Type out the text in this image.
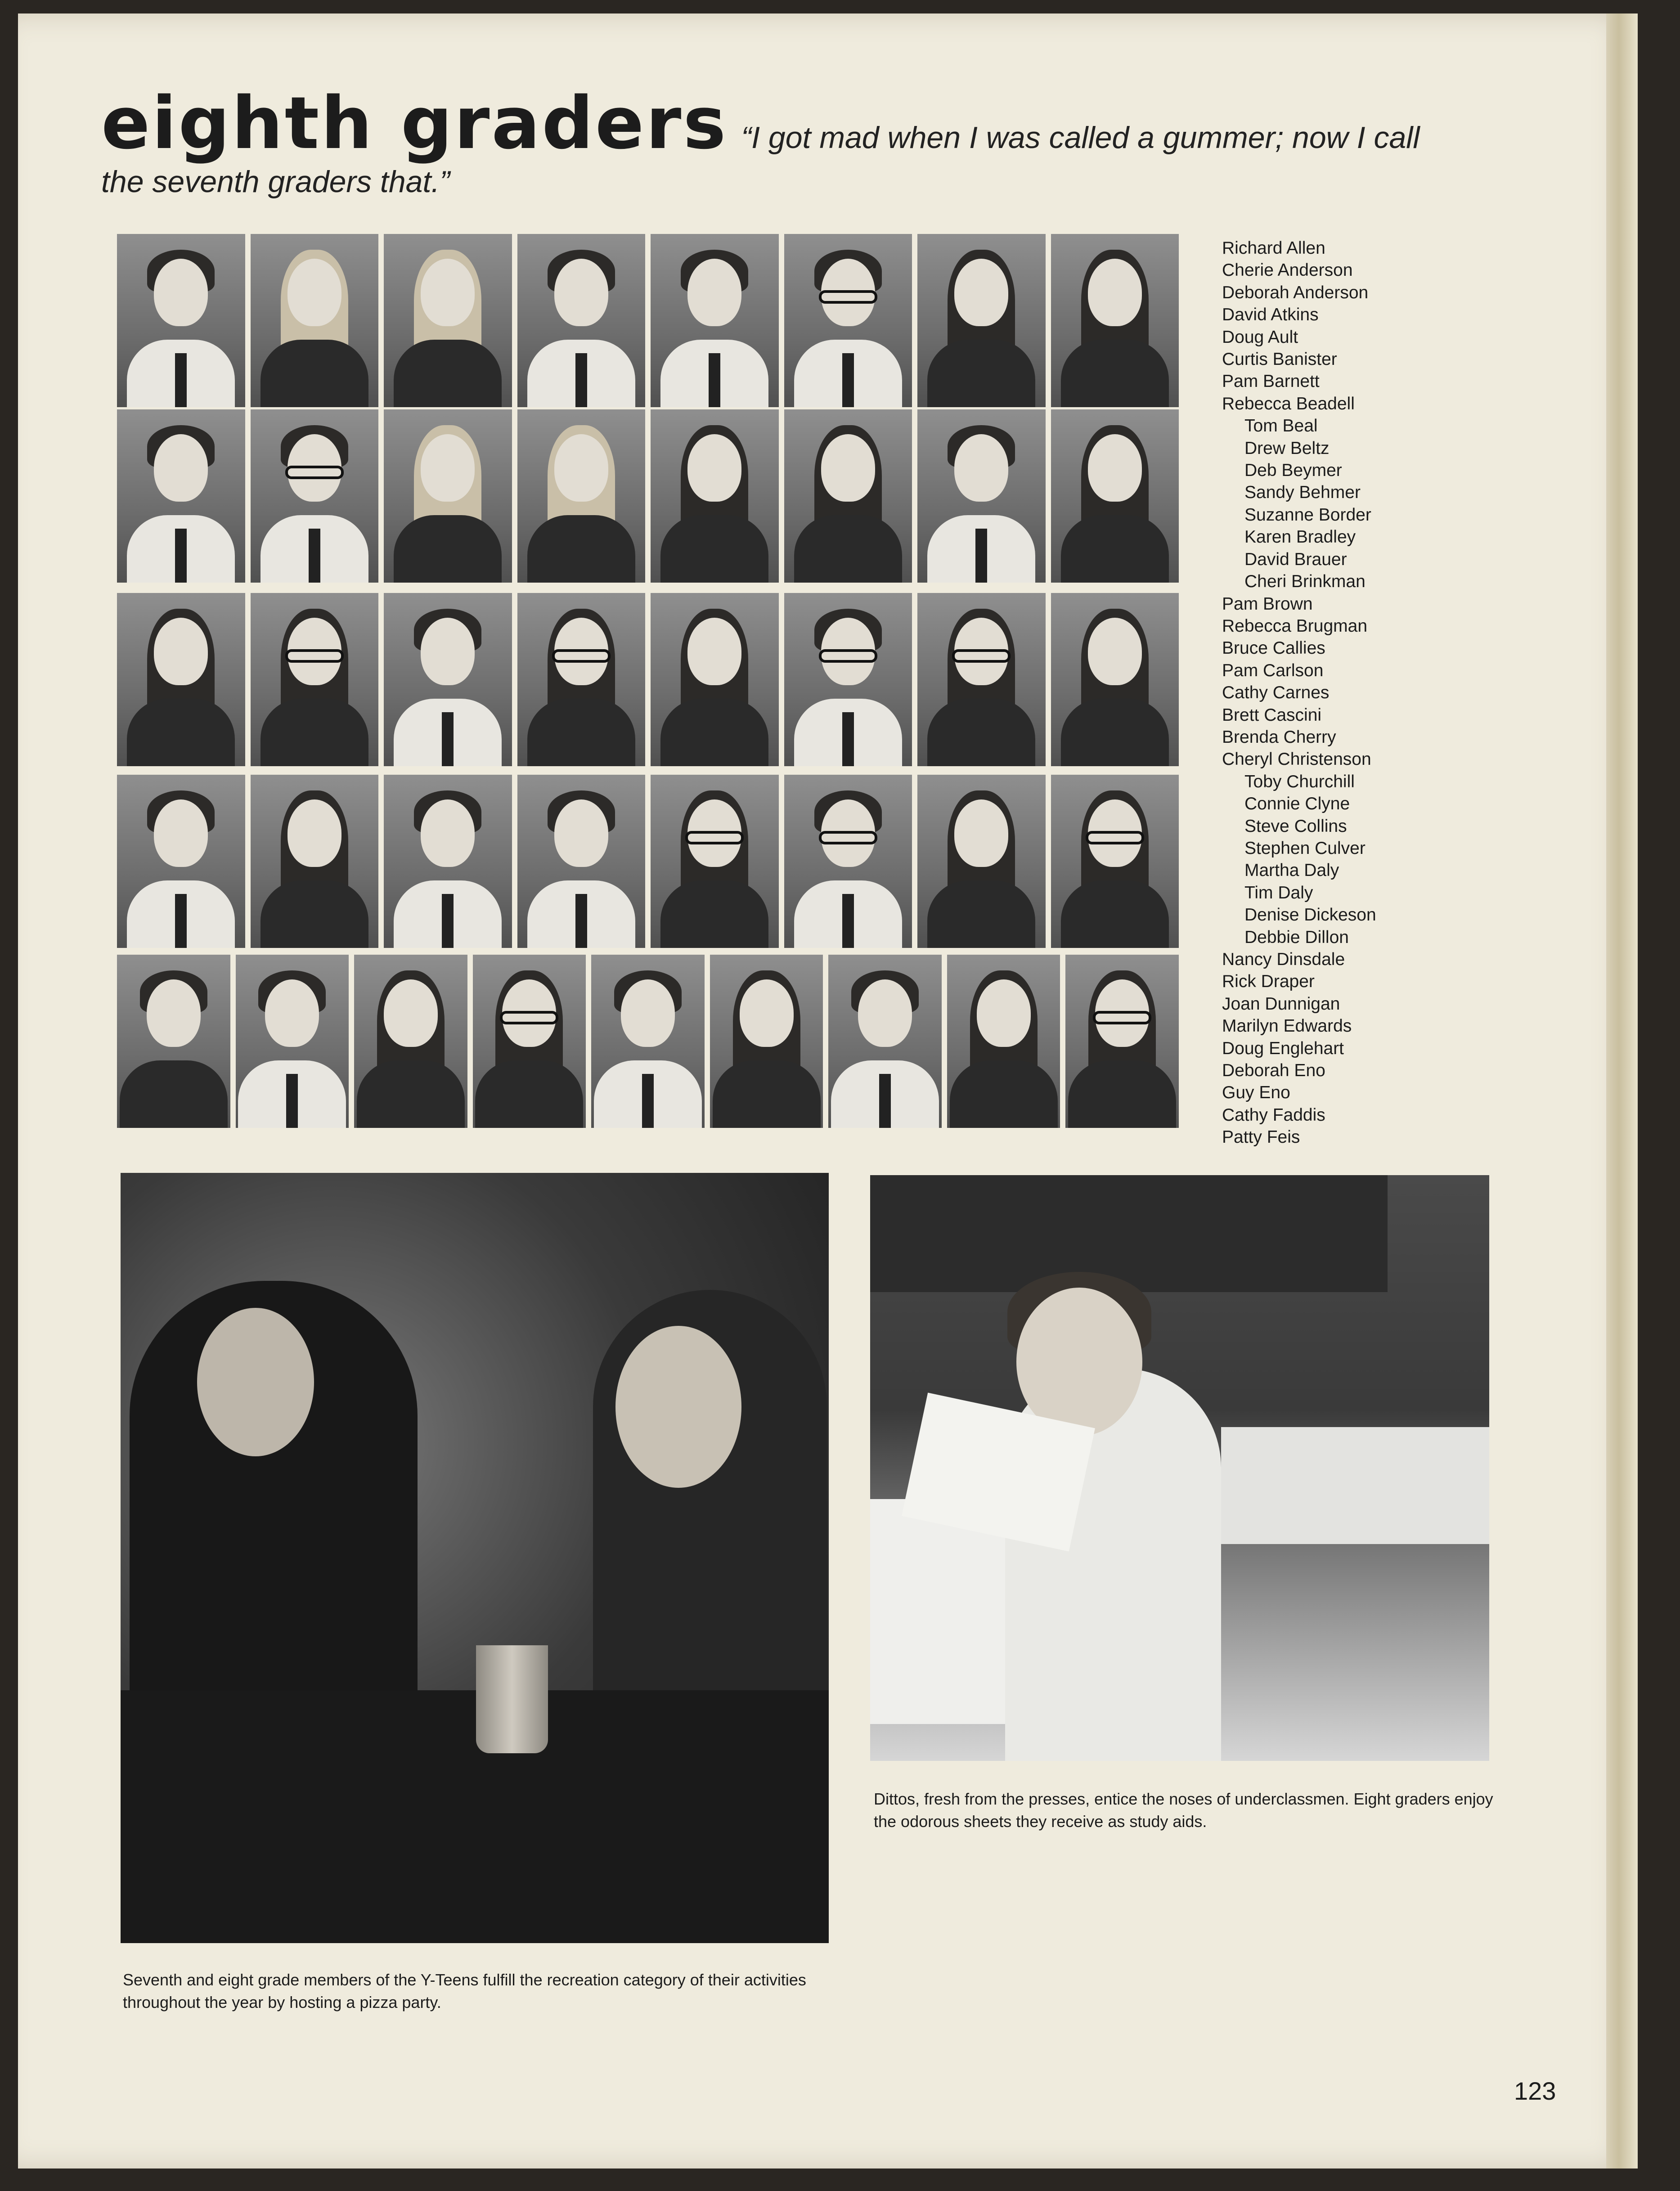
eighth graders “I got mad when I was called a gummer; now I call
the seventh graders that.”
Richard Allen
Cherie Anderson
Deborah Anderson
David Atkins
Doug Ault
Curtis Banister
Pam Barnett
Rebecca Beadell
Tom Beal
Drew Beltz
Deb Beymer
Sandy Behmer
Suzanne Border
Karen Bradley
David Brauer
Cheri Brinkman
Pam Brown
Rebecca Brugman
Bruce Callies
Pam Carlson
Cathy Carnes
Brett Cascini
Brenda Cherry
Cheryl Christenson
Toby Churchill
Connie Clyne
Steve Collins
Stephen Culver
Martha Daly
Tim Daly
Denise Dickeson
Debbie Dillon
Nancy Dinsdale
Rick Draper
Joan Dunnigan
Marilyn Edwards
Doug Englehart
Deborah Eno
Guy Eno
Cathy Faddis
Patty Feis
Seventh and eight grade members of the Y-Teens fulfill the recreation category of their activities throughout the year by hosting a pizza party.
Dittos, fresh from the presses, entice the noses of underclassmen. Eight graders enjoy the odorous sheets they receive as study aids.
123
